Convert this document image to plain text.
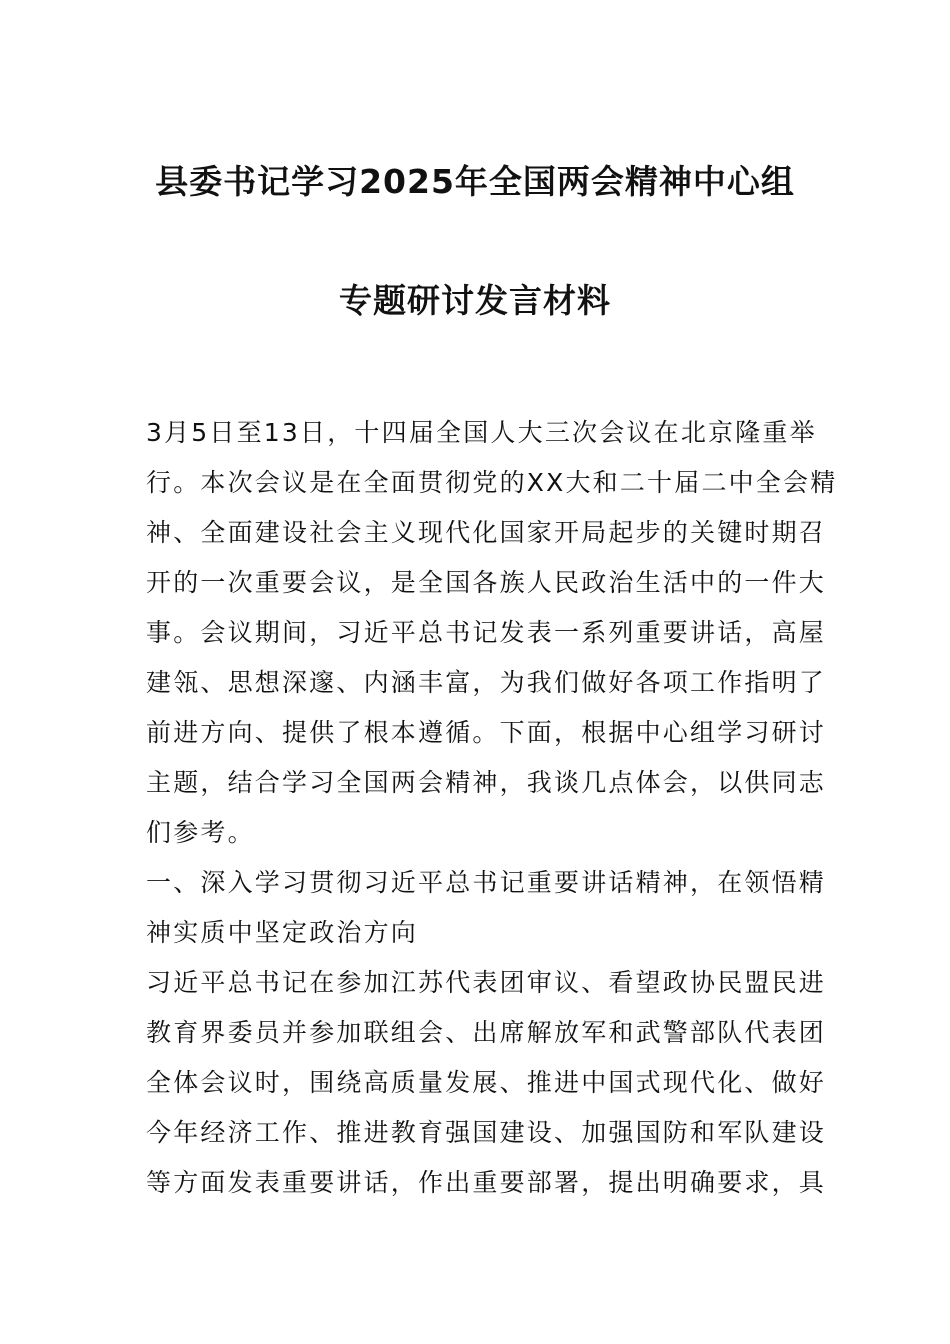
县委书记学习2025年全国两会精神中心组
专题研讨发言材料
3月5日至13日，十四届全国人大三次会议在北京隆重举
行。本次会议是在全面贯彻党的XX大和二十届二中全会精
神、全面建设社会主义现代化国家开局起步的关键时期召
开的一次重要会议，是全国各族人民政治生活中的一件大
事。会议期间，习近平总书记发表一系列重要讲话，高屋
建瓴、思想深邃、内涵丰富，为我们做好各项工作指明了
前进方向、提供了根本遵循。下面，根据中心组学习研讨
主题，结合学习全国两会精神，我谈几点体会，以供同志
们参考。
一、深入学习贯彻习近平总书记重要讲话精神，在领悟精
神实质中坚定政治方向
习近平总书记在参加江苏代表团审议、看望政协民盟民进
教育界委员并参加联组会、出席解放军和武警部队代表团
全体会议时，围绕高质量发展、推进中国式现代化、做好
今年经济工作、推进教育强国建设、加强国防和军队建设
等方面发表重要讲话，作出重要部署，提出明确要求，具
